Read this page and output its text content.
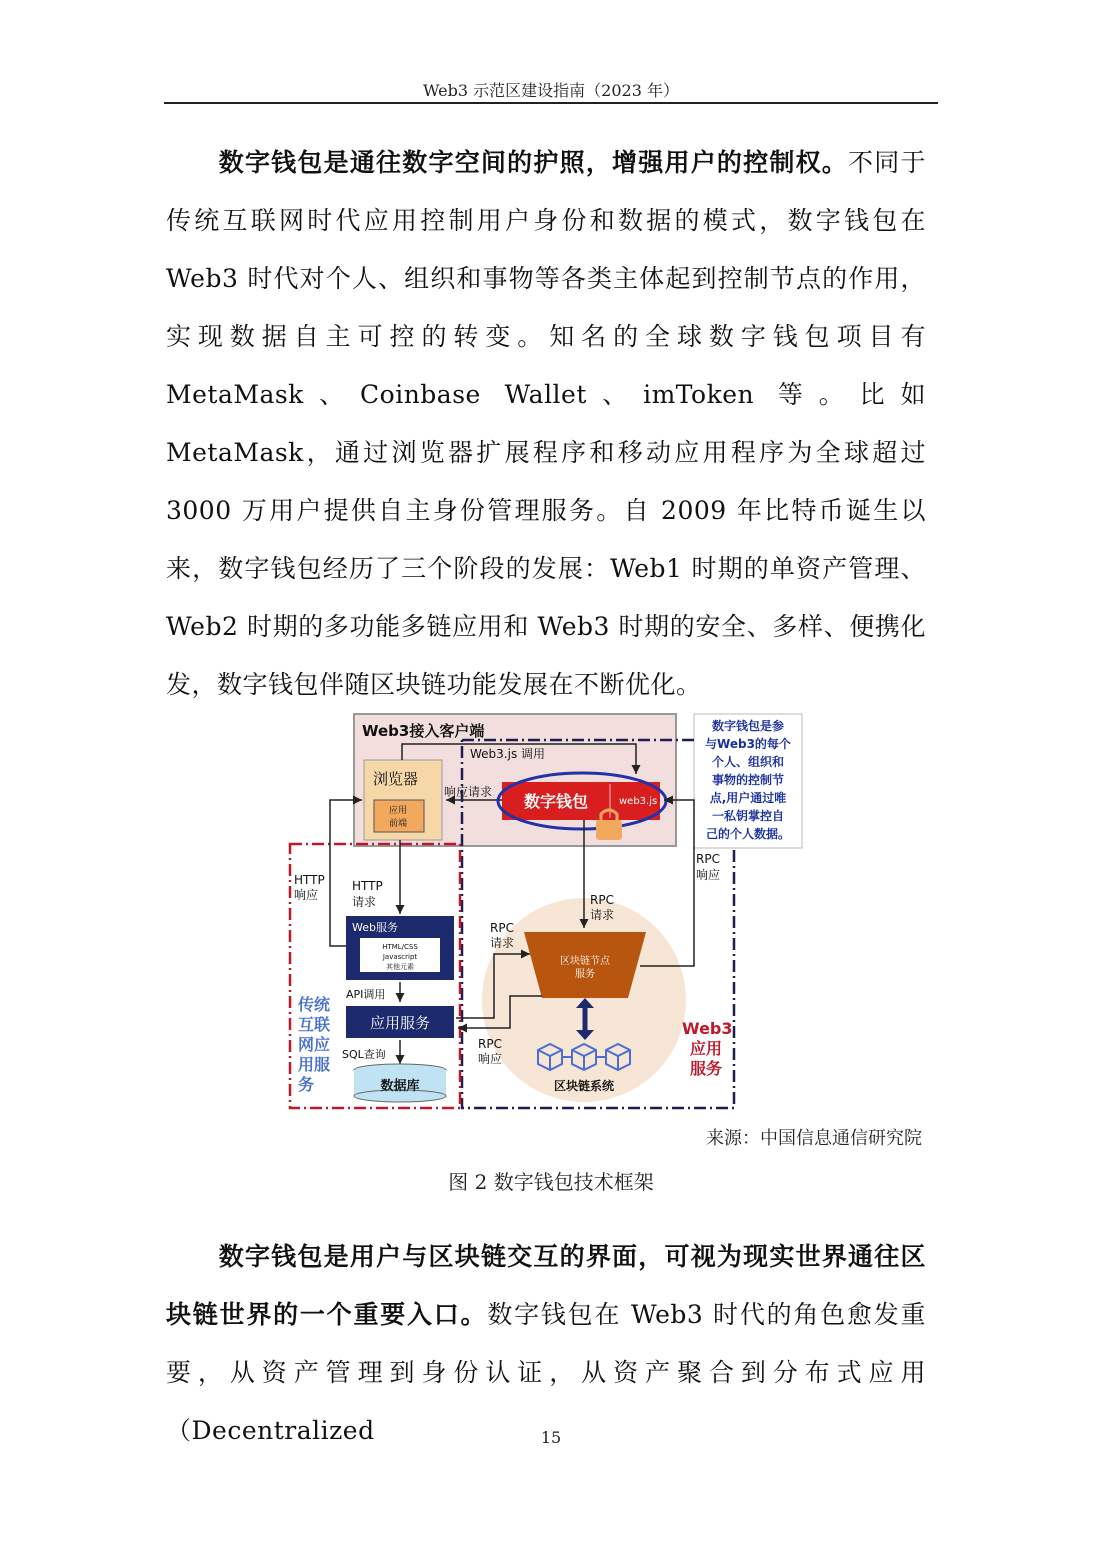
Web3 示范区建设指南（2023 年）
数字钱包是通往数字空间的护照，增强用户的控制权。不同于传统互联网时代应用控制用户身份和数据的模式，数字钱包在 Web3 时代对个人、组织和事物等各类主体起到控制节点的作用，实现数据自主可控的转变。知名的全球数字钱包项目有 MetaMask、Coinbase Wallet、imToken 等。比如 MetaMask，通过浏览器扩展程序和移动应用程序为全球超过 3000 万用户提供自主身份管理服务。自 2009 年比特币诞生以来，数字钱包经历了三个阶段的发展：Web1 时期的单资产管理、Web2 时期的多功能多链应用和 Web3 时期的安全、多样、便携化发，数字钱包伴随区块链功能发展在不断优化。
Web3接入客户端
浏览器
应用
前端
Web3.js 调用
响应请求 数字钱包	web3.js
数字钱包是参
与Web3的每个
个人、组织和
事物的控制节
点,用户通过唯
一私钥掌控自
己的个人数据。
HTTP
响应
HTTP
请求
Web服务
HTML/CSS
Javascript
其他元素
API调用
应用服务
SQL查询
数据库
传统
互联
网应
用服
务
RPC
请求
区块链节点
服务
RPC
请求
RPC
响应
RPC
响应
区块链系统
Web3
应用
服务
来源：中国信息通信研究院
图 2 数字钱包技术框架
数字钱包是用户与区块链交互的界面，可视为现实世界通往区块链世界的一个重要入口。数字钱包在 Web3 时代的角色愈发重要，从资产管理到身份认证，从资产聚合到分布式应用（Decentralized	15
